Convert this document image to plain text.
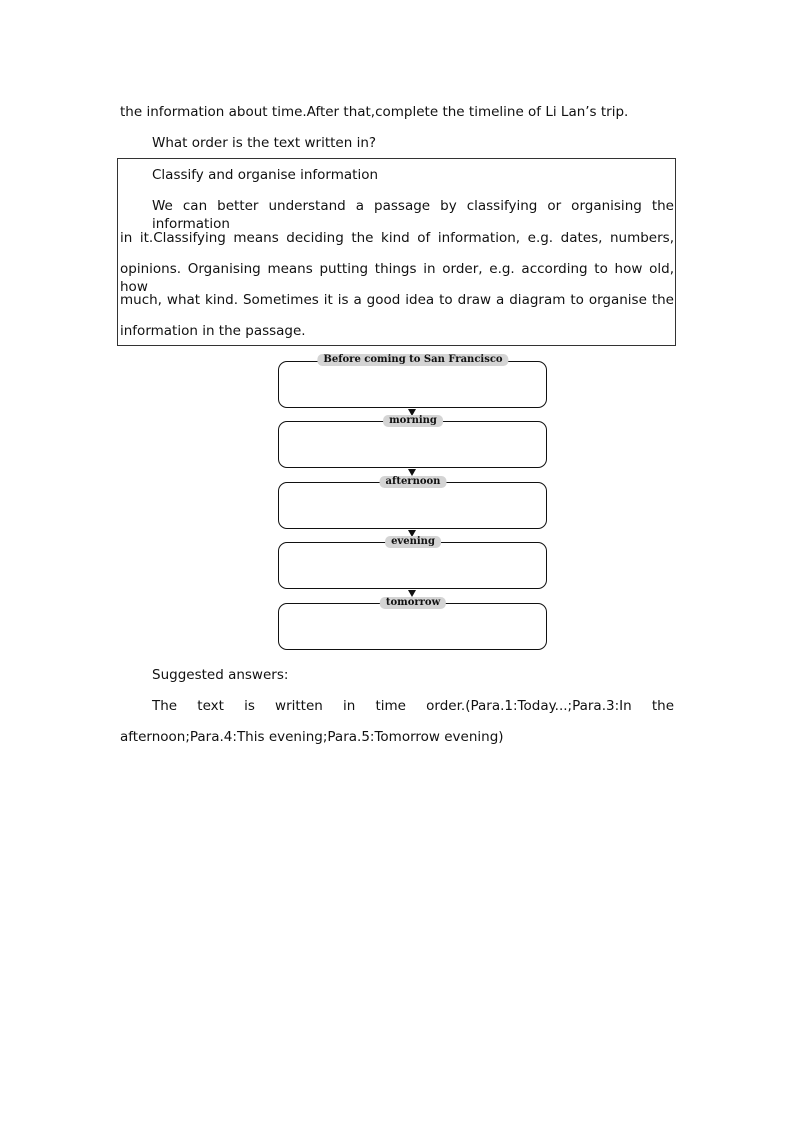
the information about time.After that,complete the timeline of Li Lan’s trip.
What order is the text written in?
Classify and organise information
We can better understand a passage by classifying or organising the information
in it.Classifying means deciding the kind of information, e.g. dates, numbers,
opinions. Organising means putting things in order, e.g. according to how old, how
much, what kind. Sometimes it is a good idea to draw a diagram to organise the
information in the passage.
Before coming to San Francisco
morning
afternoon
evening
tomorrow
Suggested answers:
The text is written in time order.(Para.1:Today...;Para.3:In the
afternoon;Para.4:This evening;Para.5:Tomorrow evening)
